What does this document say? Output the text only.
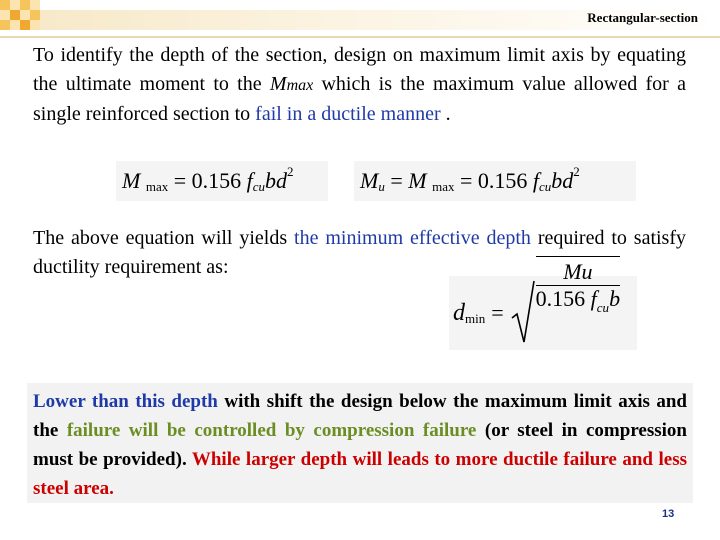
Rectangular-section

To identify the depth of the section, design on maximum limit axis by equating the ultimate moment to the Mmax which is the maximum value allowed for a single reinforced section to fail in a ductile manner .

M
max
= 0.156
f cu bd 2	M u
=
M
max
= 0.156
f cu bd 2

The above equation will yields the minimum effective depth required to satisfy ductility requirement as:

d min =
Mu
0.156 $f_{cu}b$

Lower than this depth with shift the design below the maximum limit axis and the failure will be controlled by compression failure (or steel in compression must be provided). While larger depth will leads to more ductile failure and less steel area.

13
